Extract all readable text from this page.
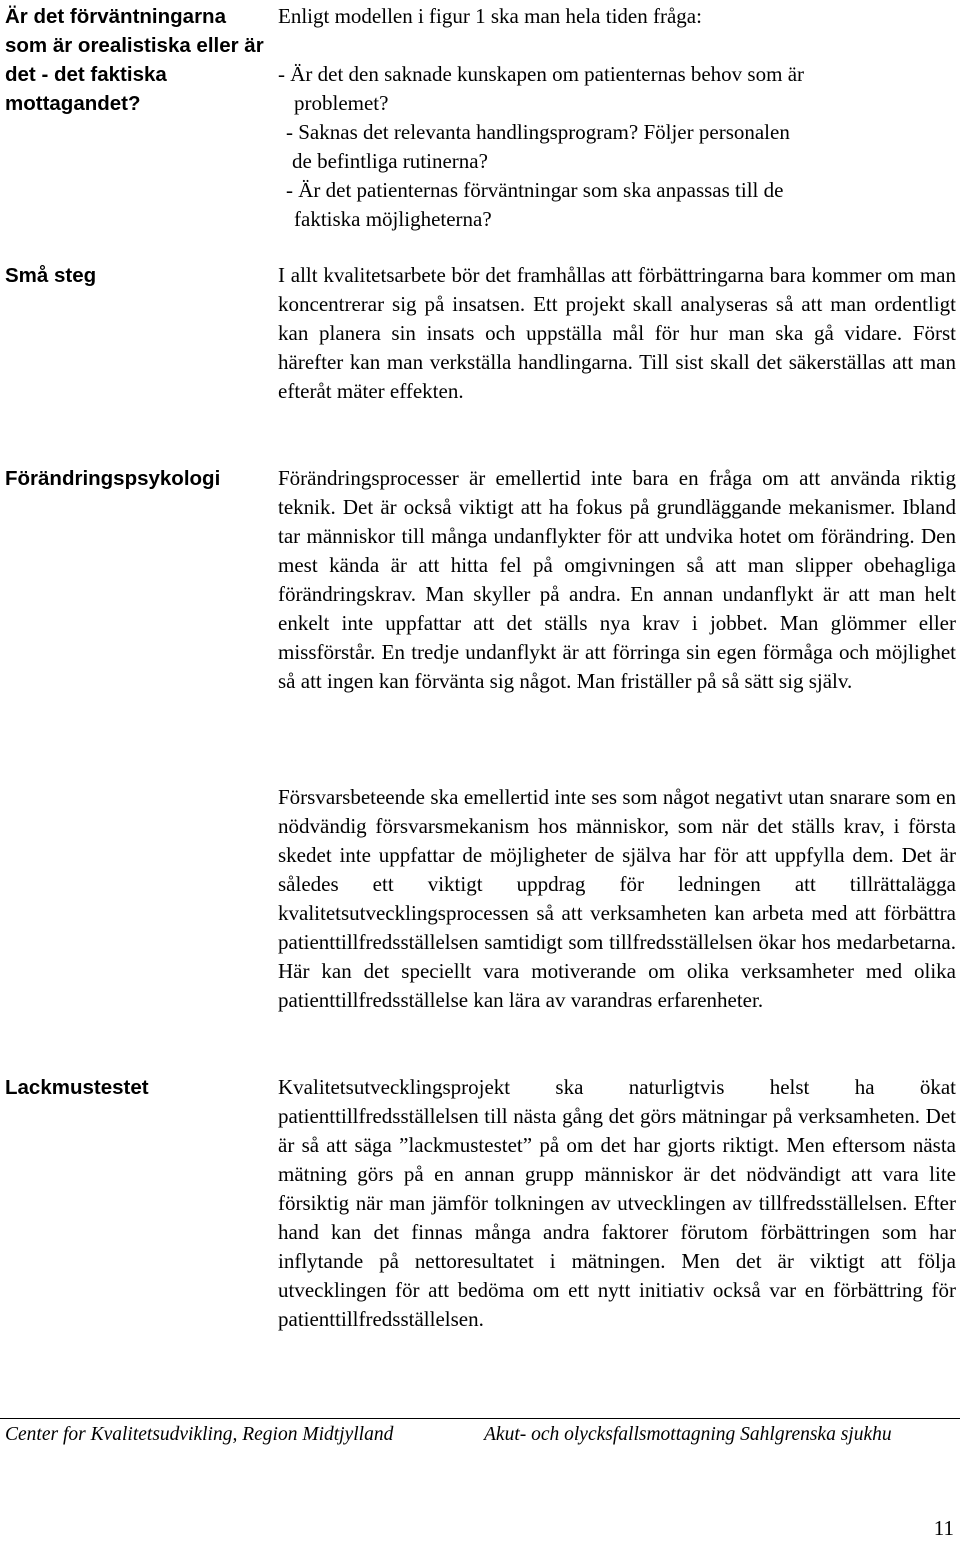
Är det förväntningarna som är orealistiska eller är det - det faktiska mottagandet?
Små steg
Förändringspsykologi
Lackmustestet
Enligt modellen i figur 1 ska man hela tiden fråga:
- Är det den saknade kunskapen om patienternas behov som är
problemet?
- Saknas det relevanta handlingsprogram? Följer personalen
de befintliga rutinerna?
- Är det patienternas förväntningar som ska anpassas till de
faktiska möjligheterna?
I allt kvalitetsarbete bör det framhållas att förbättringarna bara kommer om man koncentrerar sig på insatsen. Ett projekt skall analyseras så att man ordentligt kan planera sin insats och uppställa mål för hur man ska gå vidare. Först härefter kan man verkställa handlingarna. Till sist skall det säkerställas att man efteråt mäter effekten.
Förändringsprocesser är emellertid inte bara en fråga om att använda riktig teknik. Det är också viktigt att ha fokus på grundläggande mekanismer. Ibland tar människor till många undanflykter för att undvika hotet om förändring. Den mest kända är att hitta fel på omgivningen så att man slipper obehagliga förändringskrav. Man skyller på andra. En annan undanflykt är att man helt enkelt inte uppfattar att det ställs nya krav i jobbet. Man glömmer eller missförstår. En tredje undanflykt är att förringa sin egen förmåga och möjlighet så att ingen kan förvänta sig något. Man friställer på så sätt sig själv.
Försvarsbeteende ska emellertid inte ses som något negativt utan snarare som en nödvändig försvarsmekanism hos människor, som när det ställs krav, i första skedet inte uppfattar de möjligheter de själva har för att uppfylla dem. Det är således ett viktigt uppdrag för ledningen att tillrättalägga kvalitetsutvecklingsprocessen så att verksamheten kan arbeta med att förbättra patienttillfredsställelsen samtidigt som tillfredsställelsen ökar hos medarbetarna. Här kan det speciellt vara motiverande om olika verksamheter med olika patienttillfredsställelse kan lära av varandras erfarenheter.
Kvalitetsutvecklingsprojekt ska naturligtvis helst ha ökat patienttillfredsställelsen till nästa gång det görs mätningar på verksamheten. Det är så att säga ”lackmustestet” på om det har gjorts riktigt. Men eftersom nästa mätning görs på en annan grupp människor är det nödvändigt att vara lite försiktig när man jämför tolkningen av utvecklingen av tillfredsställelsen. Efter hand kan det finnas många andra faktorer förutom förbättringen som har inflytande på nettoresultatet i mätningen. Men det är viktigt att följa utvecklingen för att bedöma om ett nytt initiativ också var en förbättring för patienttillfredsställelsen.
Center for Kvalitetsudvikling, Region Midtjylland	Akut- och olycksfallsmottagning Sahlgrenska sjukhu
11
